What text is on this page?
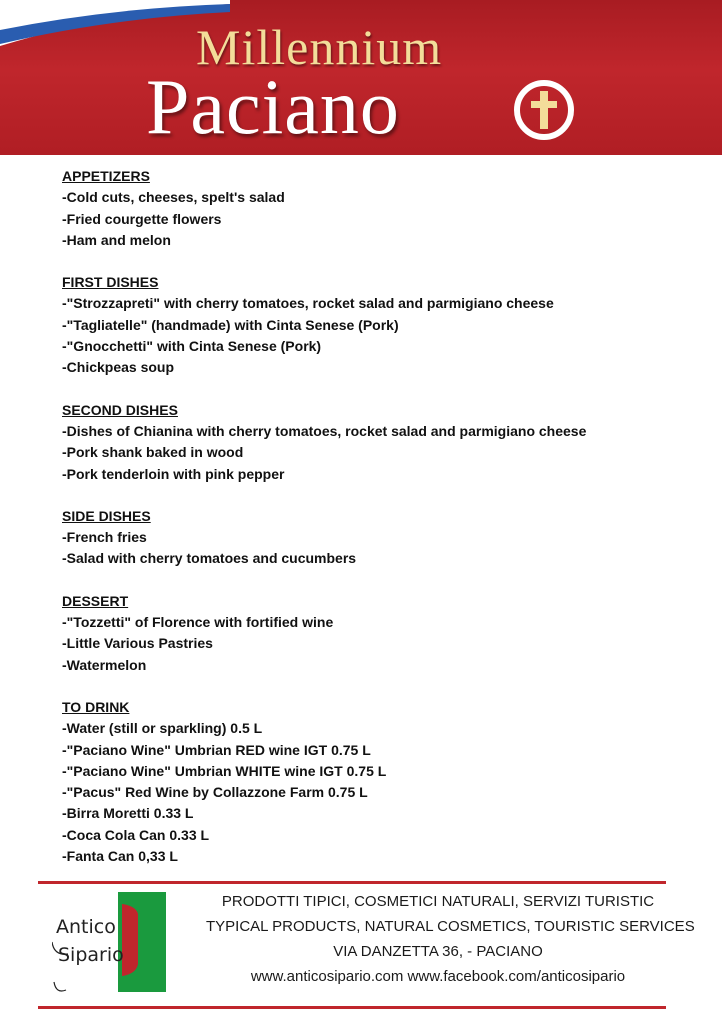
Millennium
Paciano
APPETIZERS
-Cold cuts, cheeses, spelt's salad
-Fried courgette flowers
-Ham and melon
FIRST DISHES
-"Strozzapreti" with cherry tomatoes, rocket salad and parmigiano cheese
-"Tagliatelle" (handmade) with Cinta Senese (Pork)
-"Gnocchetti" with Cinta Senese (Pork)
-Chickpeas soup
SECOND DISHES
-Dishes of Chianina with cherry tomatoes, rocket salad and parmigiano cheese
-Pork shank baked in wood
-Pork tenderloin with pink pepper
SIDE DISHES
-French fries
-Salad with cherry tomatoes and cucumbers
DESSERT
-"Tozzetti" of Florence with fortified wine
-Little Various Pastries
-Watermelon
TO DRINK
-Water (still or sparkling) 0.5 L
-"Paciano Wine" Umbrian RED wine IGT 0.75 L
-"Paciano Wine" Umbrian WHITE wine IGT 0.75 L
-"Pacus" Red Wine by Collazzone Farm 0.75 L
-Birra Moretti 0.33 L
-Coca Cola Can 0.33 L
-Fanta Can 0,33 L
Antico
Sipario
PRODOTTI TIPICI, COSMETICI NATURALI, SERVIZI TURISTIC
TYPICAL PRODUCTS, NATURAL COSMETICS, TOURISTIC SERVICES
VIA DANZETTA 36, - PACIANO
www.anticosipario.com www.facebook.com/anticosipario
